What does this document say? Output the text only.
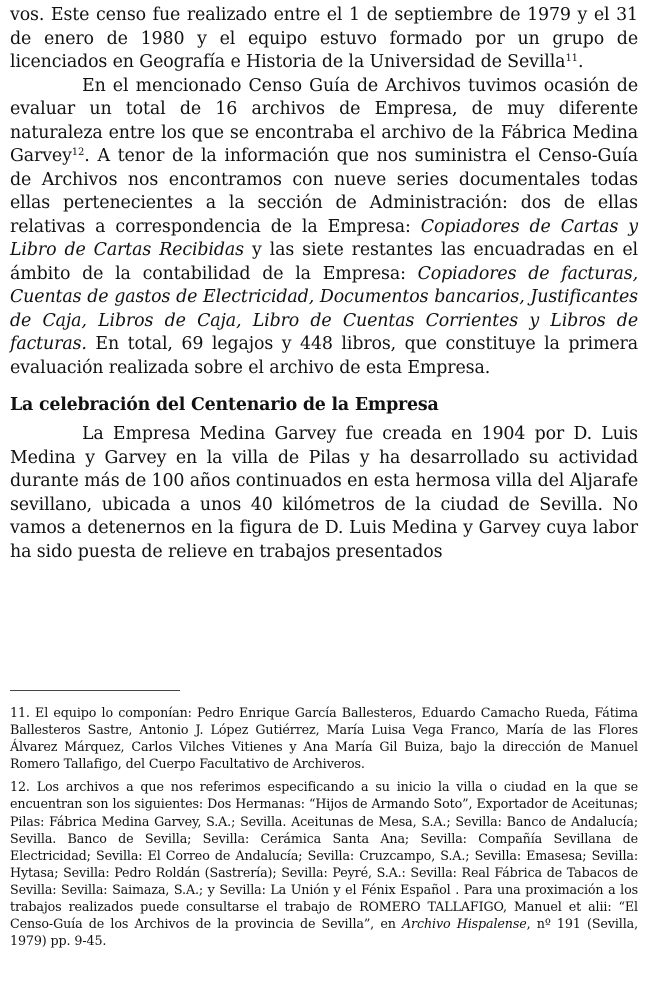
vos. Este censo fue realizado entre el 1 de septiembre de 1979 y el 31 de enero de 1980 y el equipo estuvo formado por un grupo de licenciados en Geografía e Historia de la Universidad de Sevilla$^{11}$.

En el mencionado Censo Guía de Archivos tuvimos ocasión de evaluar un total de 16 archivos de Empresa, de muy diferente naturaleza entre los que se encontraba el archivo de la Fábrica Medina Garvey$^{12}$. A tenor de la información que nos suministra el Censo-Guía de Archivos nos encontramos con nueve series documentales todas ellas pertenecientes a la sección de Administración: dos de ellas relativas a correspondencia de la Empresa: Copiadores de Cartas y Libro de Cartas Recibidas y las siete restantes las encuadradas en el ámbito de la contabilidad de la Empresa: Copiadores de facturas, Cuentas de gastos de Electricidad, Documentos bancarios, Justificantes de Caja, Libros de Caja, Libro de Cuentas Corrientes y Libros de facturas. En total, 69 legajos y 448 libros, que constituye la primera evaluación realizada sobre el archivo de esta Empresa.

La celebración del Centenario de la Empresa

La Empresa Medina Garvey fue creada en 1904 por D. Luis Medina y Garvey en la villa de Pilas y ha desarrollado su actividad durante más de 100 años continuados en esta hermosa villa del Aljarafe sevillano, ubicada a unos 40 kilómetros de la ciudad de Sevilla. No vamos a detenernos en la figura de D. Luis Medina y Garvey cuya labor ha sido puesta de relieve en trabajos presentados

11. El equipo lo componían: Pedro Enrique García Ballesteros, Eduardo Camacho Rueda, Fátima Ballesteros Sastre, Antonio J. López Gutiérrez, María Luisa Vega Franco, María de las Flores Álvarez Márquez, Carlos Vilches Vitienes y Ana María Gil Buiza, bajo la dirección de Manuel Romero Tallafigo, del Cuerpo Facultativo de Archiveros.

12. Los archivos a que nos referimos especificando a su inicio la villa o ciudad en la que se encuentran son los siguientes: Dos Hermanas: “Hijos de Armando Soto”, Exportador de Aceitunas; Pilas: Fábrica Medina Garvey, S.A.; Sevilla. Aceitunas de Mesa, S.A.; Sevilla: Banco de Andalucía; Sevilla. Banco de Sevilla; Sevilla: Cerámica Santa Ana; Sevilla: Compañía Sevillana de Electricidad; Sevilla: El Correo de Andalucía; Sevilla: Cruzcampo, S.A.; Sevilla: Emasesa; Sevilla: Hytasa; Sevilla: Pedro Roldán (Sastrería); Sevilla: Peyré, S.A.: Sevilla: Real Fábrica de Tabacos de Sevilla: Sevilla: Saimaza, S.A.; y Sevilla: La Unión y el Fénix Español . Para una proximación a los trabajos realizados puede consultarse el trabajo de ROMERO TALLAFIGO, Manuel et alii: “El Censo-Guía de los Archivos de la provincia de Sevilla”, en Archivo Hispalense, nº 191 (Sevilla, 1979) pp. 9-45.
